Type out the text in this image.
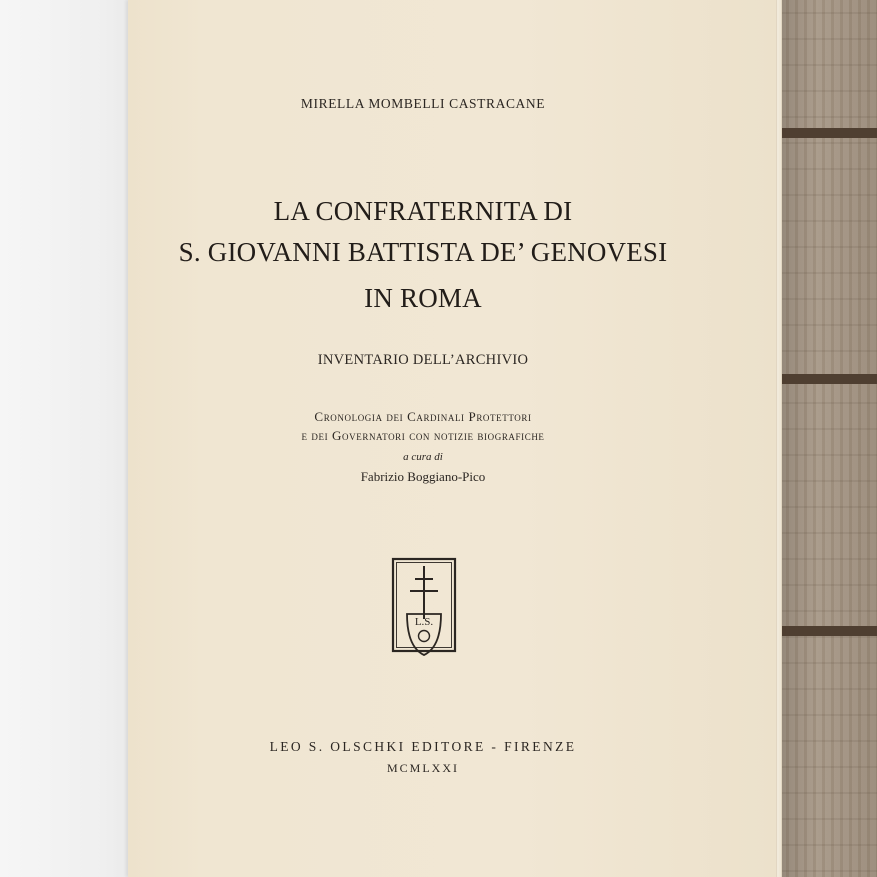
MIRELLA MOMBELLI CASTRACANE
LA CONFRATERNITA DI
S. GIOVANNI BATTISTA DE’ GENOVESI
IN ROMA
INVENTARIO DELL’ARCHIVIO
Cronologia dei Cardinali Protettori
e dei Governatori con notizie biografiche
a cura di
Fabrizio Boggiano-Pico
L.S.
LEO S. OLSCHKI EDITORE - FIRENZE
MCMLXXI
